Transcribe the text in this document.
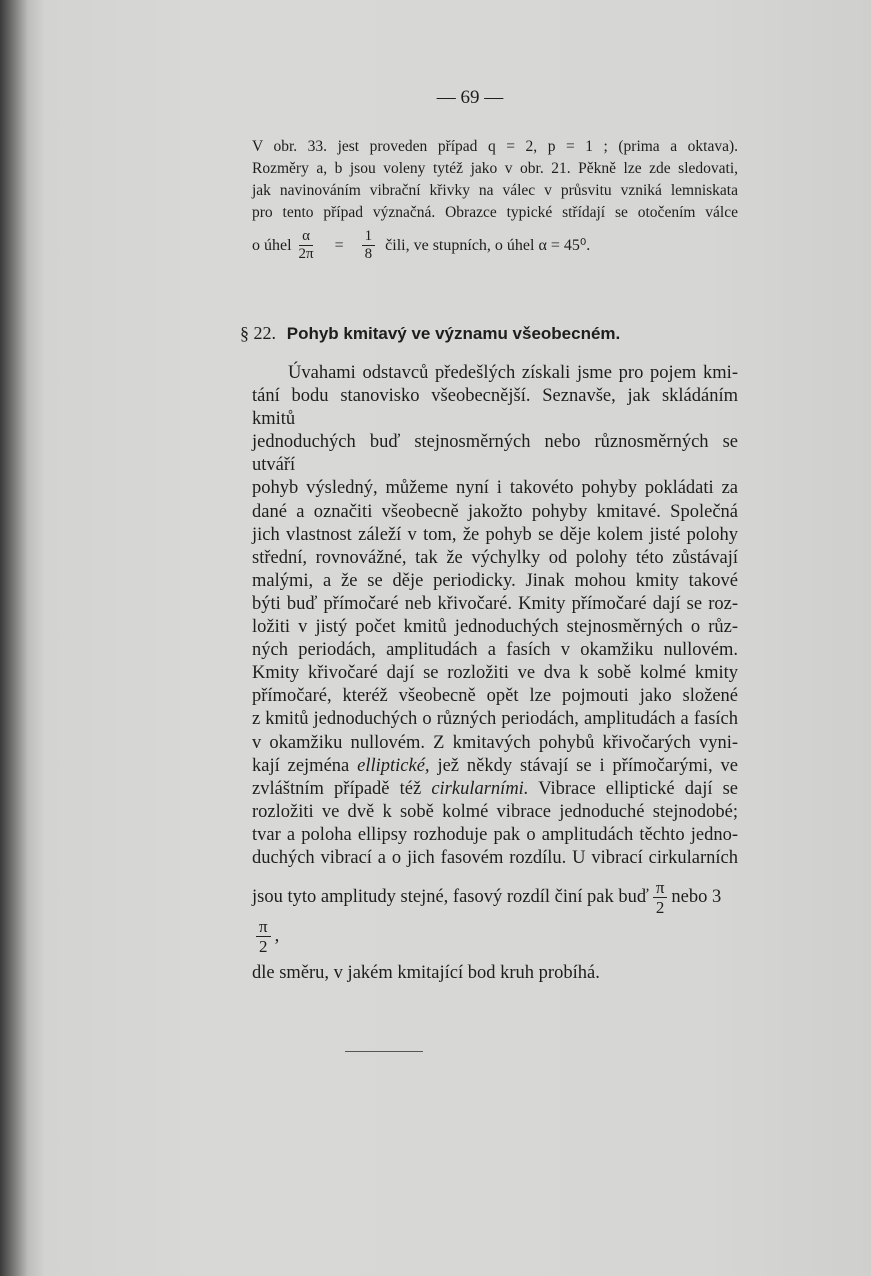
— 69 —
V obr. 33. jest proveden případ q = 2, p = 1 ; (prima a oktava).
Rozměry a, b jsou voleny tytéž jako v obr. 21. Pěkně lze zde sledovati,
jak navinováním vibrační křivky na válec v průsvitu vzniká lemniskata
pro tento případ význačná. Obrazce typické střídají se otočením válce
o úhel $\frac{\alpha}{2\pi} = \frac{1}{8}$ čili, ve stupních, o úhel α = 45⁰.
§ 22. Pohyb kmitavý ve významu všeobecném.
Úvahami odstavců předešlých získali jsme pro pojem kmi-
tání bodu stanovisko všeobecnější. Seznavše, jak skládáním kmitů
jednoduchých buď stejnosměrných nebo různosměrných se utváří
pohyb výsledný, můžeme nyní i takovéto pohyby pokládati za
dané a označiti všeobecně jakožto pohyby kmitavé. Společná
jich vlastnost záleží v tom, že pohyb se děje kolem jisté polohy
střední, rovnovážné, tak že výchylky od polohy této zůstávají
malými, a že se děje periodicky. Jinak mohou kmity takové
býti buď přímočaré neb křivočaré. Kmity přímočaré dají se roz-
ložiti v jistý počet kmitů jednoduchých stejnosměrných o růz-
ných periodách, amplitudách a fasích v okamžiku nullovém.
Kmity křivočaré dají se rozložiti ve dva k sobě kolmé kmity
přímočaré, kteréž všeobecně opět lze pojmouti jako složené
z kmitů jednoduchých o různých periodách, amplitudách a fasích
v okamžiku nullovém. Z kmitavých pohybů křivočarých vyni-
kají zejména elliptické, jež někdy stávají se i přímočarými, ve
zvláštním případě též cirkularními. Vibrace elliptické dají se
rozložiti ve dvě k sobě kolmé vibrace jednoduché stejnodobé;
tvar a poloha ellipsy rozhoduje pak o amplitudách těchto jedno-
duchých vibrací a o jich fasovém rozdílu. U vibrací cirkularních
jsou tyto amplitudy stejné, fasový rozdíl činí pak buď $\frac{\pi}{2}$ nebo 3
$\frac{\pi}{2}$ ,
dle směru, v jakém kmitající bod kruh probíhá.
